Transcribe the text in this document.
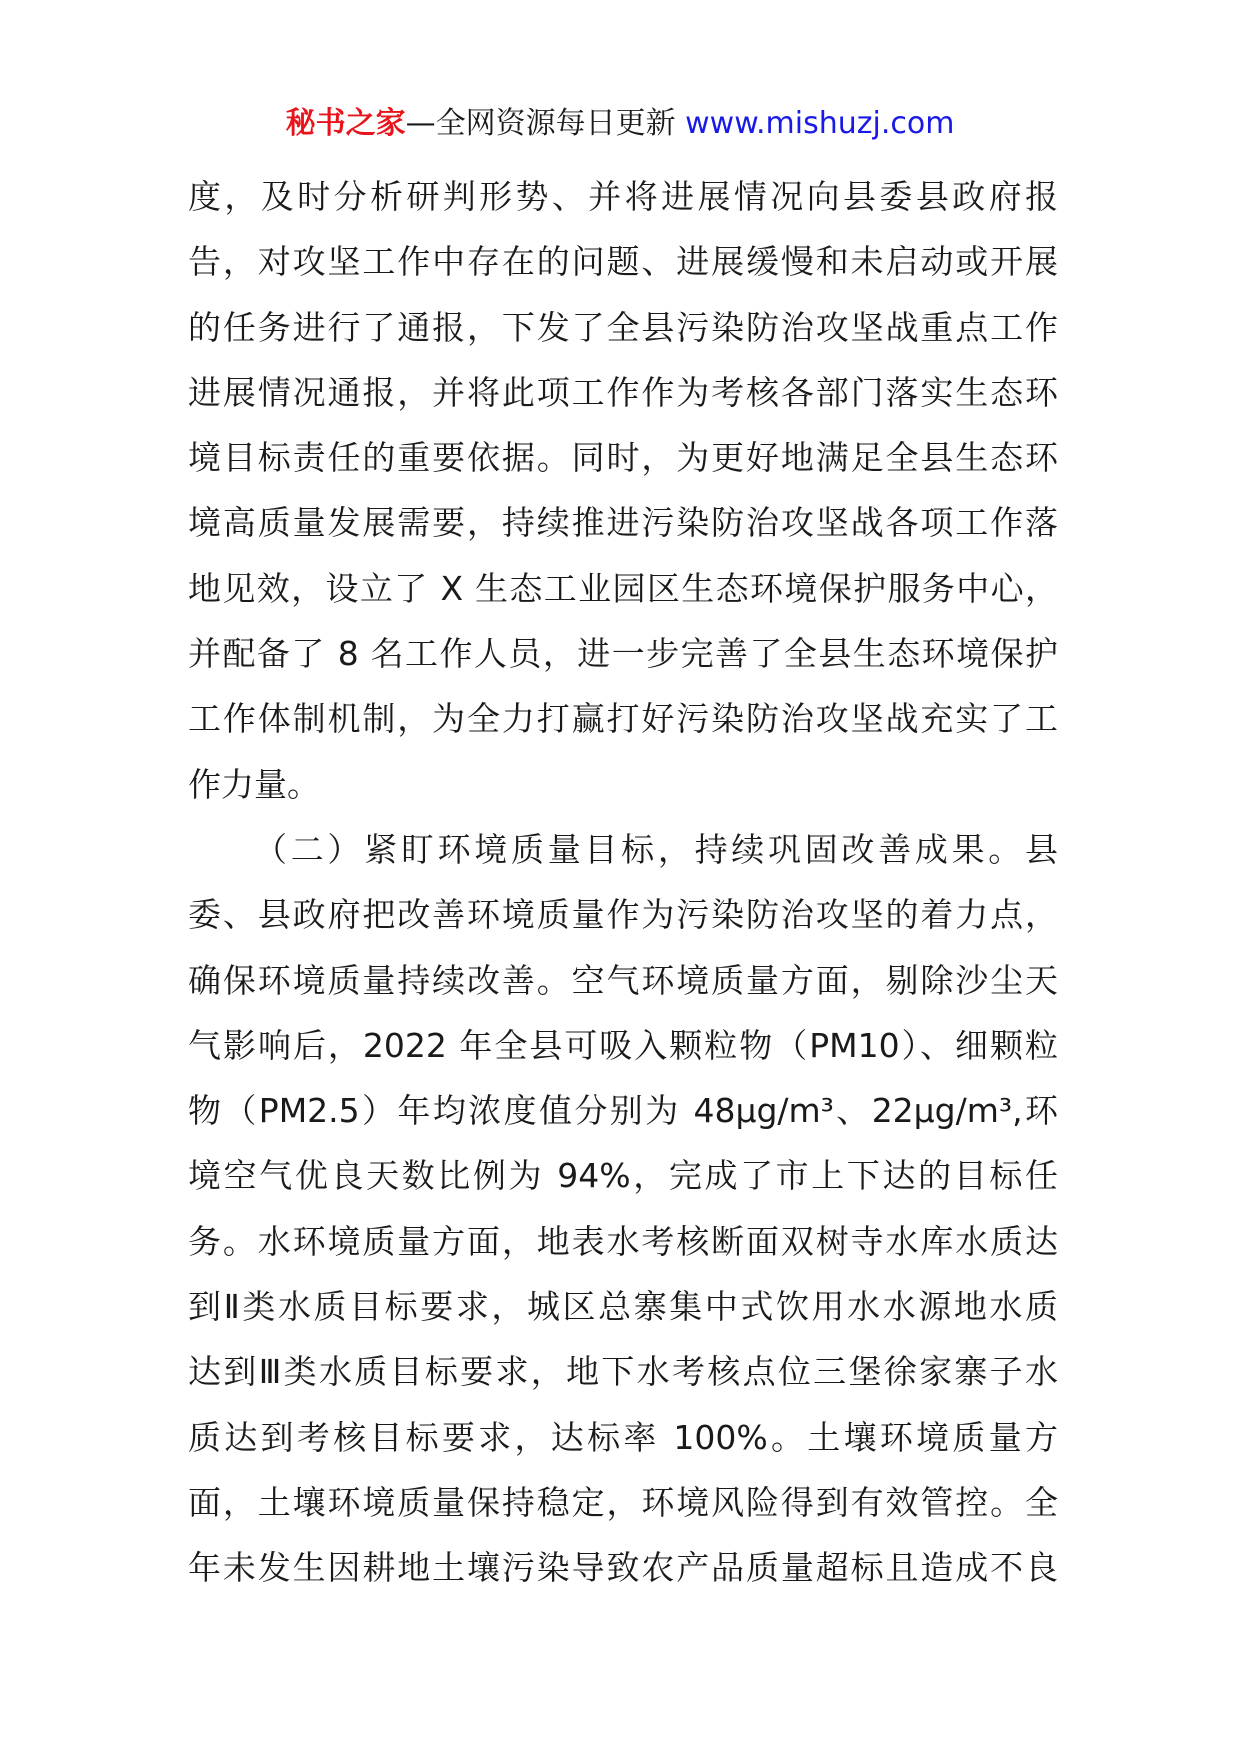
秘书之家—全网资源每日更新 www.mishuzj.com
度，及时分析研判形势、并将进展情况向县委县政府报
告，对攻坚工作中存在的问题、进展缓慢和未启动或开展
的任务进行了通报，下发了全县污染防治攻坚战重点工作
进展情况通报，并将此项工作作为考核各部门落实生态环
境目标责任的重要依据。同时，为更好地满足全县生态环
境高质量发展需要，持续推进污染防治攻坚战各项工作落
地见效，设立了 X 生态工业园区生态环境保护服务中心，
并配备了 8 名工作人员，进一步完善了全县生态环境保护
工作体制机制，为全力打赢打好污染防治攻坚战充实了工
作力量。
（二）紧盯环境质量目标，持续巩固改善成果。县
委、县政府把改善环境质量作为污染防治攻坚的着力点，
确保环境质量持续改善。空气环境质量方面，剔除沙尘天
气影响后，2022 年全县可吸入颗粒物（PM10）、细颗粒
物（PM2.5）年均浓度值分别为 48μg/m³、22μg/m³,环
境空气优良天数比例为 94%，完成了市上下达的目标任
务。水环境质量方面，地表水考核断面双树寺水库水质达
到Ⅱ类水质目标要求，城区总寨集中式饮用水水源地水质
达到Ⅲ类水质目标要求，地下水考核点位三堡徐家寨子水
质达到考核目标要求，达标率 100%。土壤环境质量方
面，土壤环境质量保持稳定，环境风险得到有效管控。全
年未发生因耕地土壤污染导致农产品质量超标且造成不良
